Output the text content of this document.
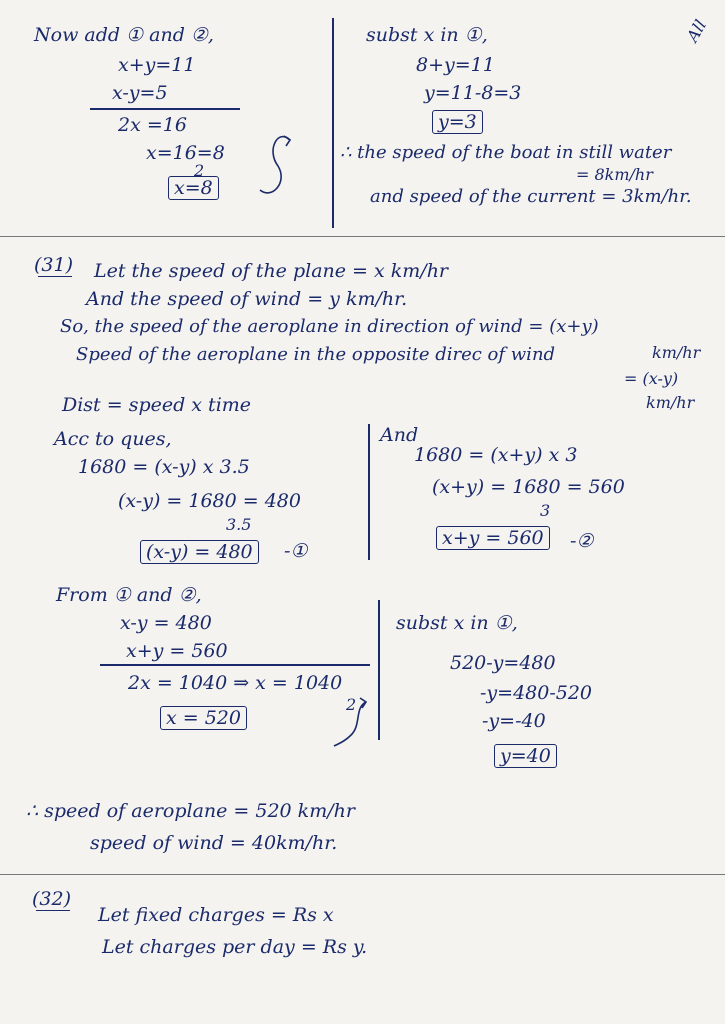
All
Now add ① and ②,
x+y=11
x-y=5
2x =16
x=16=8
2
x=8
subst x in ①,
8+y=11
y=11-8=3
y=3
∴ the speed of the boat in still water
= 8km/hr
and speed of the current = 3km/hr.
(31) Let the speed of the plane = x km/hr
And the speed of wind = y km/hr.
So, the speed of the aeroplane in direction of wind = (x+y)
km/hr
Speed of the aeroplane in the opposite direc of wind
= (x-y)
km/hr
Dist = speed x time
Acc to ques,
1680 = (x-y) x 3.5
(x-y) = 1680 = 480
3.5
(x-y) = 480	-①
And
1680 = (x+y) x 3
(x+y) = 1680 = 560
3
x+y = 560	-②
From ① and ②,
x-y = 480
x+y = 560
2x = 1040 ⇒ x = 1040
2
x = 520
subst x in ①,
520-y=480
-y=480-520
-y=-40
y=40
∴ speed of aeroplane = 520 km/hr
speed of wind = 40km/hr.
(32)
Let fixed charges = Rs x
Let charges per day = Rs y.
